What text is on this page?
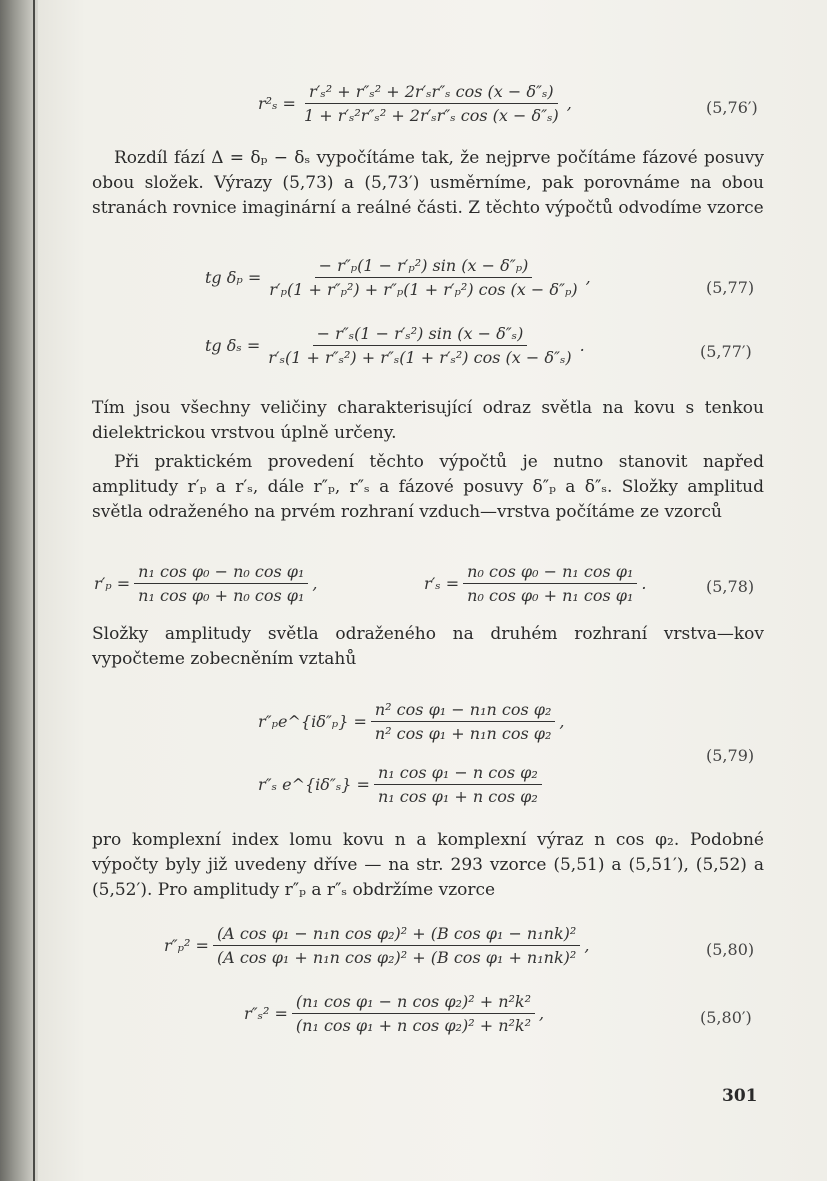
$r^2_s = \frac{\text{r′ₛ² + r″ₛ² + 2r′ₛr″ₛ cos (x − δ″ₛ)}}{\text{1 + r′ₛ²r″ₛ² + 2r′ₛr″ₛ cos (x − δ″ₛ)}}$ ,	(5,76′)
Rozdíl fází Δ = δₚ − δₛ vypočítáme tak, že nejprve počítáme fázové posuvy obou složek. Výrazy (5,73) a (5,73′) usměrníme, pak porovnáme na obou stranách rovnice imaginární a reálné části. Z těchto výpočtů odvodíme vzorce
tg $\delta_p = \frac{\text{− r″ₚ(1 − r′ₚ²) sin (x − δ″ₚ)}}{\text{r′ₚ(1 + r″ₚ²) + r″ₚ(1 + r′ₚ²) cos (x − δ″ₚ)}}$ ,
(5,77)
tg $\delta_s = \frac{\text{− r″ₛ(1 − r′ₛ²) sin (x − δ″ₛ)}}{\text{r′ₛ(1 + r″ₛ²) + r″ₛ(1 + r′ₛ²) cos (x − δ″ₛ)}}$ .	(5,77′)
Tím jsou všechny veličiny charakterisující odraz světla na kovu s tenkou dielektrickou vrstvou úplně určeny.
Při praktickém provedení těchto výpočtů je nutno stanovit napřed amplitudy r′ₚ a r′ₛ, dále r″ₚ, r″ₛ a fázové posuvy δ″ₚ a δ″ₛ. Složky amplitud světla odraženého na prvém rozhraní vzduch—vrstva počítáme ze vzorců
$r'_p = \frac{\text{n₁ cos φ₀ − n₀ cos φ₁}}{\text{n₁ cos φ₀ + n₀ cos φ₁}}$ ,	$r'_s = \frac{\text{n₀ cos φ₀ − n₁ cos φ₁}}{\text{n₀ cos φ₀ + n₁ cos φ₁}}$ .	(5,78)
Složky amplitudy světla odraženého na druhém rozhraní vrstva—kov vypočteme zobecněním vztahů
r″ₚe^{iδ″ₚ} = $\frac{\text{n² cos φ₁ − n₁n cos φ₂}}{\text{n² cos φ₁ + n₁n cos φ₂}}$ ,
r″ₛ e^{iδ″ₛ} = $\frac{\text{n₁ cos φ₁ − n cos φ₂}}{\text{n₁ cos φ₁ + n cos φ₂}}$
(5,79)
pro komplexní index lomu kovu n a komplexní výraz n cos φ₂. Podobné výpočty byly již uvedeny dříve — na str. 293 vzorce (5,51) a (5,51′), (5,52) a (5,52′). Pro amplitudy r″ₚ a r″ₛ obdržíme vzorce
$r''_p^2 = \frac{\text{(A cos φ₁ − n₁n cos φ₂)² + (B cos φ₁ − n₁nk)²}}{\text{(A cos φ₁ + n₁n cos φ₂)² + (B cos φ₁ + n₁nk)²}}$ ,	(5,80)
$r''_s^2 = \frac{\text{(n₁ cos φ₁ − n cos φ₂)² + n²k²}}{\text{(n₁ cos φ₁ + n cos φ₂)² + n²k²}}$ ,	(5,80′)
301
